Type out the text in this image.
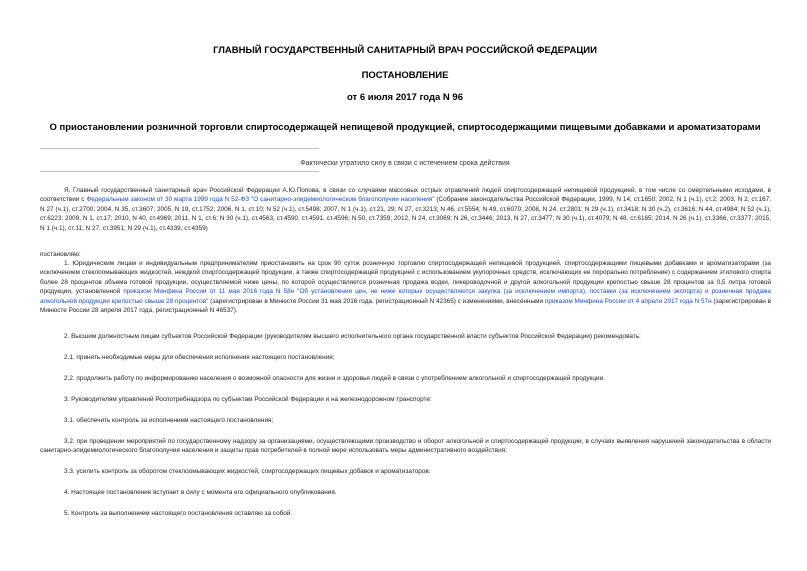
ГЛАВНЫЙ ГОСУДАРСТВЕННЫЙ САНИТАРНЫЙ ВРАЧ РОССИЙСКОЙ ФЕДЕРАЦИИ
ПОСТАНОВЛЕНИЕ
от 6 июля 2017 года N 96
О приостановлении розничной торговли спиртосодержащей непищевой продукцией, спиртосодержащими пищевыми добавками и ароматизаторами
Фактически утратило силу в связи с истечением срока действия
Я, Главный государственный санитарный врач Российской Федерации А.Ю.Попова, в связи со случаями массовых острых отравлений людей спиртосодержащей непищевой продукцией, в том числе со смертельными исходами, в соответствии с Федеральным законом от 30 марта 1999 года N 52-ФЗ "О санитарно-эпидемиологическом благополучии населения" (Собрание законодательства Российской Федерации, 1999, N 14, ст.1650; 2002, N 1 (ч.1), ст.2; 2003, N 2, ст.167; N 27 (ч.1), ст.2700; 2004, N 35, ст.3607; 2005, N 19, ст.1752; 2006, N 1, ст.10; N 52 (ч.1), ст.5498; 2007, N 1 (ч.1), ст.21, 29; N 27, ст.3213; N 46, ст.5554; N 49, ст.6070; 2008, N 24, ст.2801; N 29 (ч.1), ст.3418; N 30 (ч.2), ст.3616; N 44, ст.4984; N 52 (ч.1), ст.6223; 2009, N 1, ст.17; 2010, N 40, ст.4969; 2011, N 1, ст.6; N 30 (ч.1), ст.4563, ст.4590, ст.4591, ст.4596; N 50, ст.7359; 2012, N 24, ст.3069; N 26, ст.3446; 2013, N 27, ст.3477; N 30 (ч.1), ст.4079; N 48, ст.6165; 2014, N 26 (ч.1), ст.3366, ст.3377; 2015, N 1 (ч.1), ст.11; N 27, ст.3951; N 29 (ч.1), ст.4339, ст.4359)
постановляю:
1. Юридическим лицам и индивидуальным предпринимателям приостановить на срок 90 суток розничную торговлю спиртосодержащей непищевой продукцией, спиртосодержащими пищевыми добавками и ароматизаторами (за исключением стеклоомывающих жидкостей, неждкой спиртосодержащей продукции, а также спиртосодержащей продукцией с использованием укупорочных средств, исключающих ее порорально потребление) с содержанием этилового спирта более 28 процентов объема готовой продукции, осуществляемой ниже цены, по которой осуществляется розничная продажа водки, ликероводочной и другой алкогольной продукции крепостью свыше 28 процентов за 0,5 литра готовой продукции, установленной приказом Минфина России от 11 мая 2016 года N 58н "Об установлении цен, не ниже которых осуществляются закупка (за исключением импорта), поставки (за исключением экспорта) и розничная продажа алкогольной продукции крепостью свыше 28 процентов" (зарегистрирован в Минюсте России 31 мая 2016 года, регистрационный N 42365) с изменениями, внесенными приказом Минфина России от 4 апреля 2017 года N 57н (зарегистрирован в Минюсте России 28 апреля 2017 года, регистрационный N 46537).
2. Высшим должностным лицам субъектов Российской Федерации (руководителям высшего исполнительного органа государственной власти субъектов Российской Федерации) рекомендовать:
2.1. принять необходимые меры для обеспечения исполнения настоящего постановления;
2.2. продолжить работу по информированию населения о возможной опасности для жизни и здоровья людей в связи с употреблением алкогольной и спиртосодержащей продукции.
3. Руководителям управлений Роспотребнадзора по субъектам Российской Федерации и на железнодорожном транспорте:
3.1. обеспечить контроль за исполнением настоящего постановления;
3.2. при проведении мероприятий по государственному надзору за организациями, осуществляющими производство и оборот алкогольной и спиртосодержащей продукции, в случаях выявления нарушений законодательства в области санитарно-эпидемиологического благополучия населения и защиты прав потребителей в полной мере использовать меры административного воздействия;
3.3. усилить контроль за оборотом стеклоомывающих жидкостей, спиртосодержащих пищевых добавок и ароматизаторов.
4. Настоящее постановление вступает в силу с момента его официального опубликования.
5. Контроль за выполнением настоящего постановления оставляю за собой.
